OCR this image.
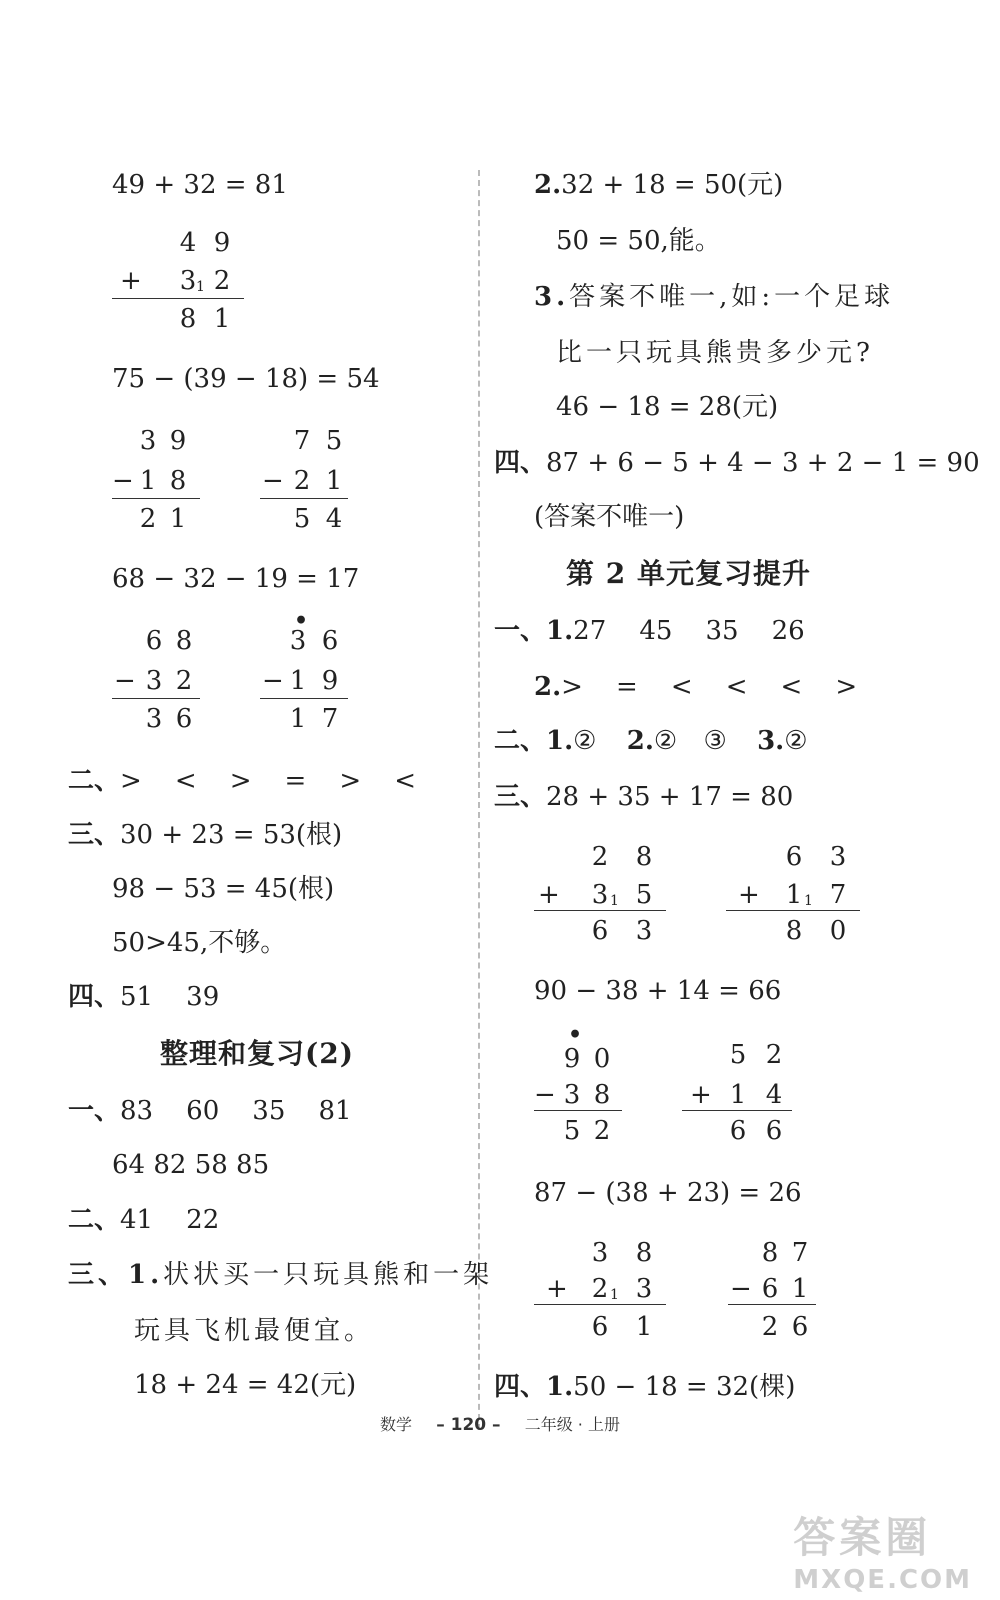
49 + 32 = 81
4 9
+ 3 1 2
8 1
75 − (39 − 18) = 54
3 9
− 1 8
2 1
7 5
− 2 1
5 4
68 − 32 − 19 = 17
6 8
− 3 2
3 6
•
3 6
− 1 9
1 7
二、>    <    >    =    >    <
三、30 + 23 = 53(根)
98 − 53 = 45(根)
50>45,不够。
四、51    39
整理和复习(2)
一、83    60    35    81
64 82 58 85
二、41    22
三、1.状状买一只玩具熊和一架
玩具飞机最便宜。
18 + 24 = 42(元)
2.32 + 18 = 50(元)
50 = 50,能。
3.答案不唯一,如:一个足球
比一只玩具熊贵多少元?
46 − 18 = 28(元)
四、87 + 6 − 5 + 4 − 3 + 2 − 1 = 90
(答案不唯一)
第 2 单元复习提升
一、1.27    45    35    26
2.>    =    <    <    <    >
二、1.② 2.② ③ 3.②
三、28 + 35 + 17 = 80
2 8
+ 3 1 5
6 3
6 3
+ 1 1 7
8 0
90 − 38 + 14 = 66
•
9 0
− 3 8
5 2
5 2
+ 1 4
6 6
87 − (38 + 23) = 26
3 8
+ 2 1 3
6 1
8 7
− 6 1
2 6
四、1.50 − 18 = 32(棵)
数学 – 120 – 二年级 · 上册
答案圈
MXQE.COM
